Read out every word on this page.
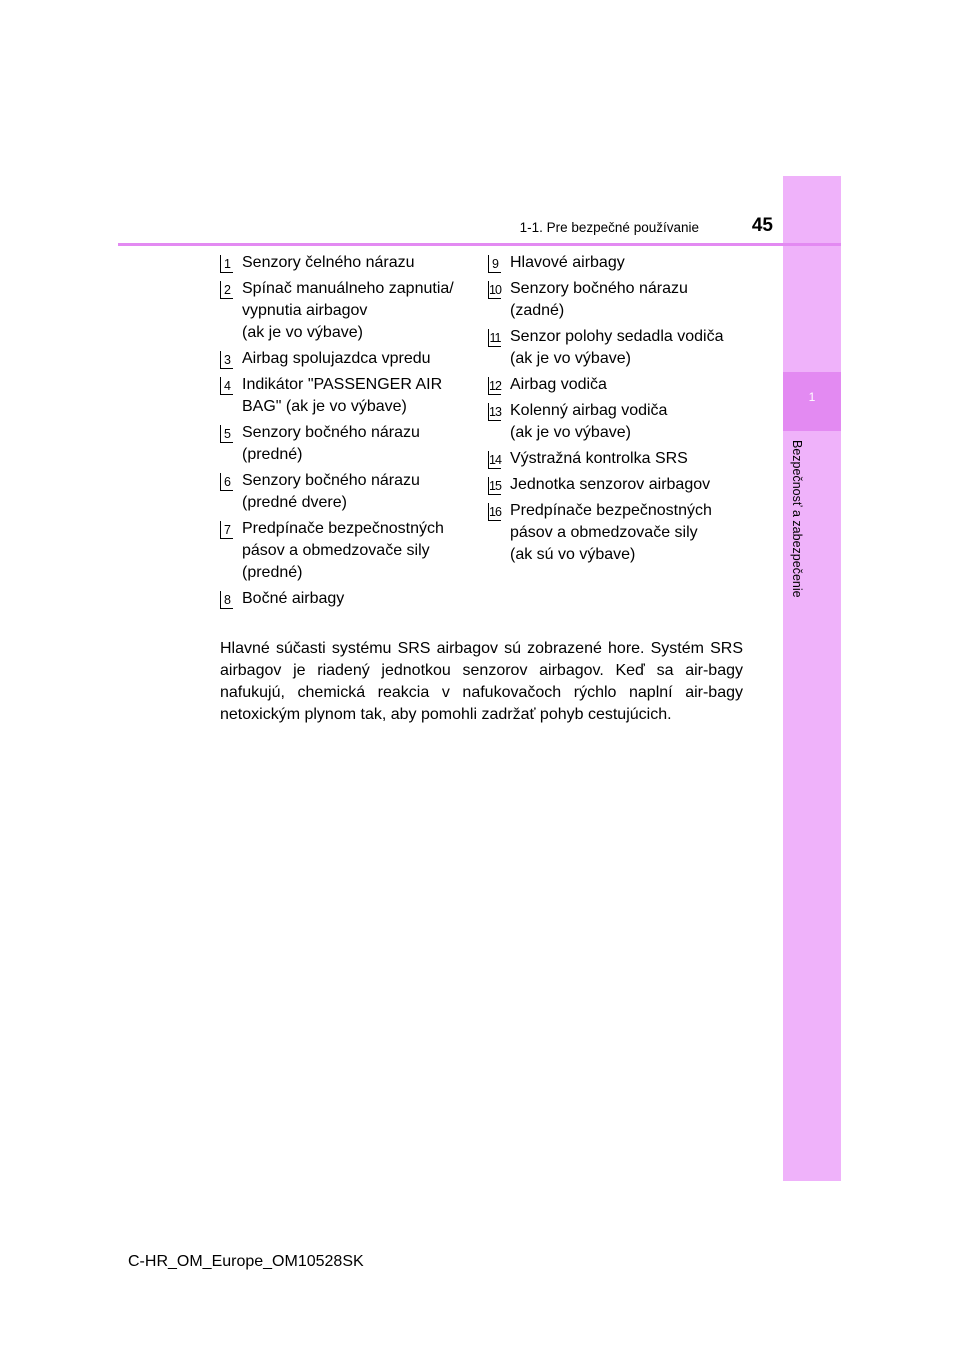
1
Bezpečnosť a zabezpečenie
1-1. Pre bezpečné používanie	45
1 Senzory čelného nárazu
2 Spínač manuálneho zapnutia/
vypnutia airbagov
(ak je vo výbave)
3 Airbag spolujazdca vpredu
4 Indikátor "PASSENGER AIR
BAG" (ak je vo výbave)
5 Senzory bočného nárazu
(predné)
6 Senzory bočného nárazu
(predné dvere)
7 Predpínače bezpečnostných
pásov a obmedzovače sily
(predné)
8 Bočné airbagy
9 Hlavové airbagy
10 Senzory bočného nárazu
(zadné)
11 Senzor polohy sedadla vodiča
(ak je vo výbave)
12 Airbag vodiča
13 Kolenný airbag vodiča
(ak je vo výbave)
14 Výstražná kontrolka SRS
15 Jednotka senzorov airbagov
16 Predpínače bezpečnostných
pásov a obmedzovače sily
(ak sú vo výbave)

Hlavné súčasti systému SRS airbagov sú zobrazené hore. Systém SRS airbagov je riadený jednotkou senzorov airbagov. Keď sa air-bagy nafukujú, chemická reakcia v nafukovačoch rýchlo naplní air-bagy netoxickým plynom tak, aby pomohli zadržať pohyb cestujúcich.

C-HR_OM_Europe_OM10528SK
